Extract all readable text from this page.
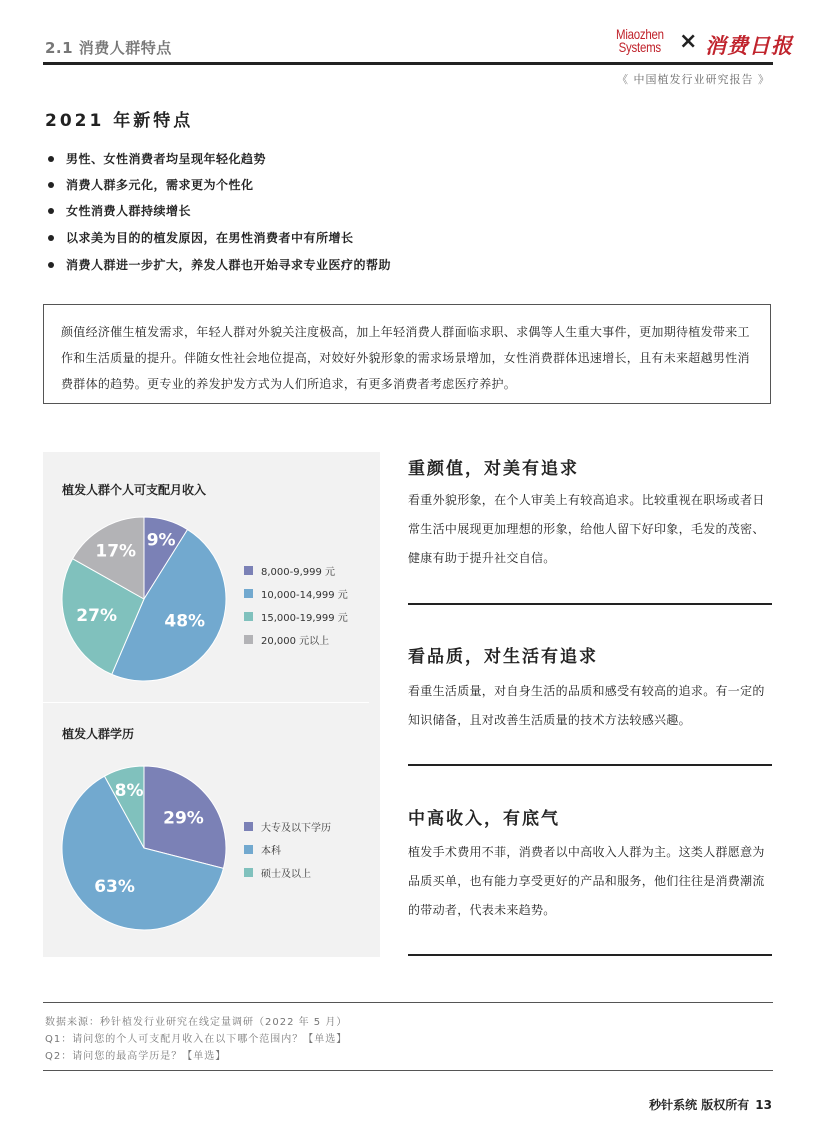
2.1 消费人群特点
Miaozhen
Systems × 消费日报
《 中国植发行业研究报告 》
2021 年新特点
男性、女性消费者均呈现年轻化趋势
消费人群多元化，需求更为个性化
女性消费人群持续增长
以求美为目的的植发原因，在男性消费者中有所增长
消费人群进一步扩大，养发人群也开始寻求专业医疗的帮助
颜值经济催生植发需求，年轻人群对外貌关注度极高，加上年轻消费人群面临求职、求偶等人生重大事件，更加期待植发带来工作和生活质量的提升。伴随女性社会地位提高，对姣好外貌形象的需求场景增加，女性消费群体迅速增长，且有未来超越男性消费群体的趋势。更专业的养发护发方式为人们所追求，有更多消费者考虑医疗养护。
植发人群个人可支配月收入
9%
48%
27%
17%
8,000-9,999 元
10,000-14,999 元
15,000-19,999 元
20,000 元以上
植发人群学历
29%
63%
8%
大专及以下学历
本科
硕士及以上
重颜值，对美有追求
看重外貌形象，在个人审美上有较高追求。比较重视在职场或者日常生活中展现更加理想的形象，给他人留下好印象，毛发的茂密、健康有助于提升社交自信。
看品质，对生活有追求
看重生活质量，对自身生活的品质和感受有较高的追求。有一定的知识储备，且对改善生活质量的技术方法较感兴趣。
中高收入，有底气
植发手术费用不菲，消费者以中高收入人群为主。这类人群愿意为品质买单，也有能力享受更好的产品和服务，他们往往是消费潮流的带动者，代表未来趋势。
数据来源：秒针植发行业研究在线定量调研（2022 年 5 月）
Q1：请问您的个人可支配月收入在以下哪个范围内？【单选】
Q2：请问您的最高学历是？【单选】
秒针系统 版权所有 13
